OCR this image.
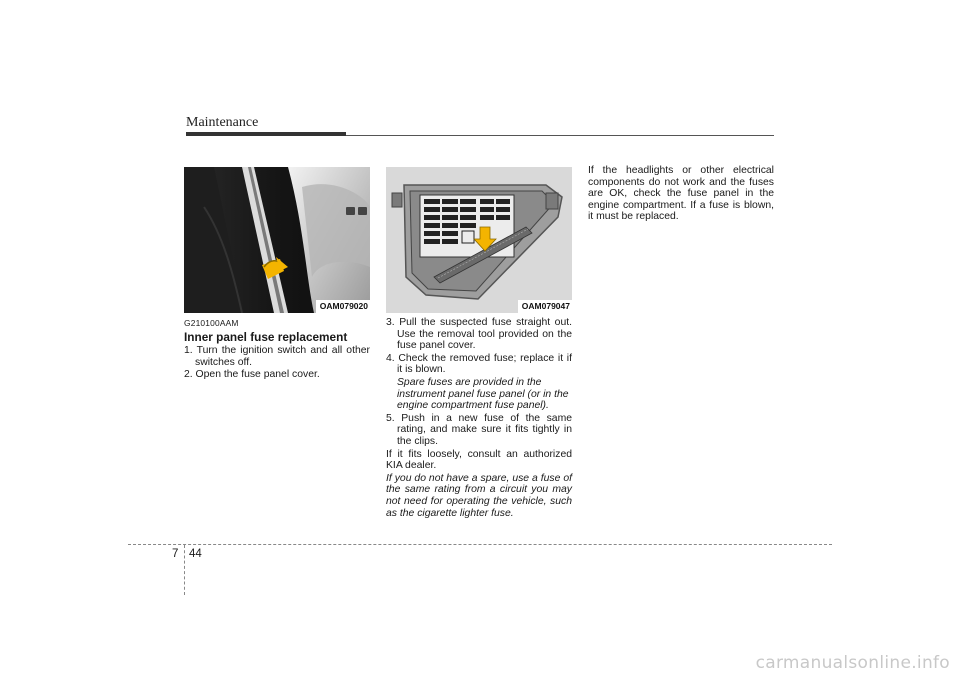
Maintenance
OAM079020
G210100AAM
Inner panel fuse replacement

1. Turn the ignition switch and all other switches off.

2. Open the fuse panel cover.

OAM079047

3. Pull the suspected fuse straight out. Use the removal tool provided on the fuse panel cover.

4. Check the removed fuse; replace it if it is blown.

Spare fuses are provided in the instrument panel fuse panel (or in the engine compartment fuse panel).

5. Push in a new fuse of the same rating, and make sure it fits tightly in the clips.

If it fits loosely, consult an authorized KIA dealer.

If you do not have a spare, use a fuse of the same rating from a circuit you may not need for operating the vehicle, such as the cigarette lighter fuse.

If the headlights or other electrical components do not work and the fuses are OK, check the fuse panel in the engine compartment. If a fuse is blown, it must be replaced.

7 44
carmanualsonline.info
